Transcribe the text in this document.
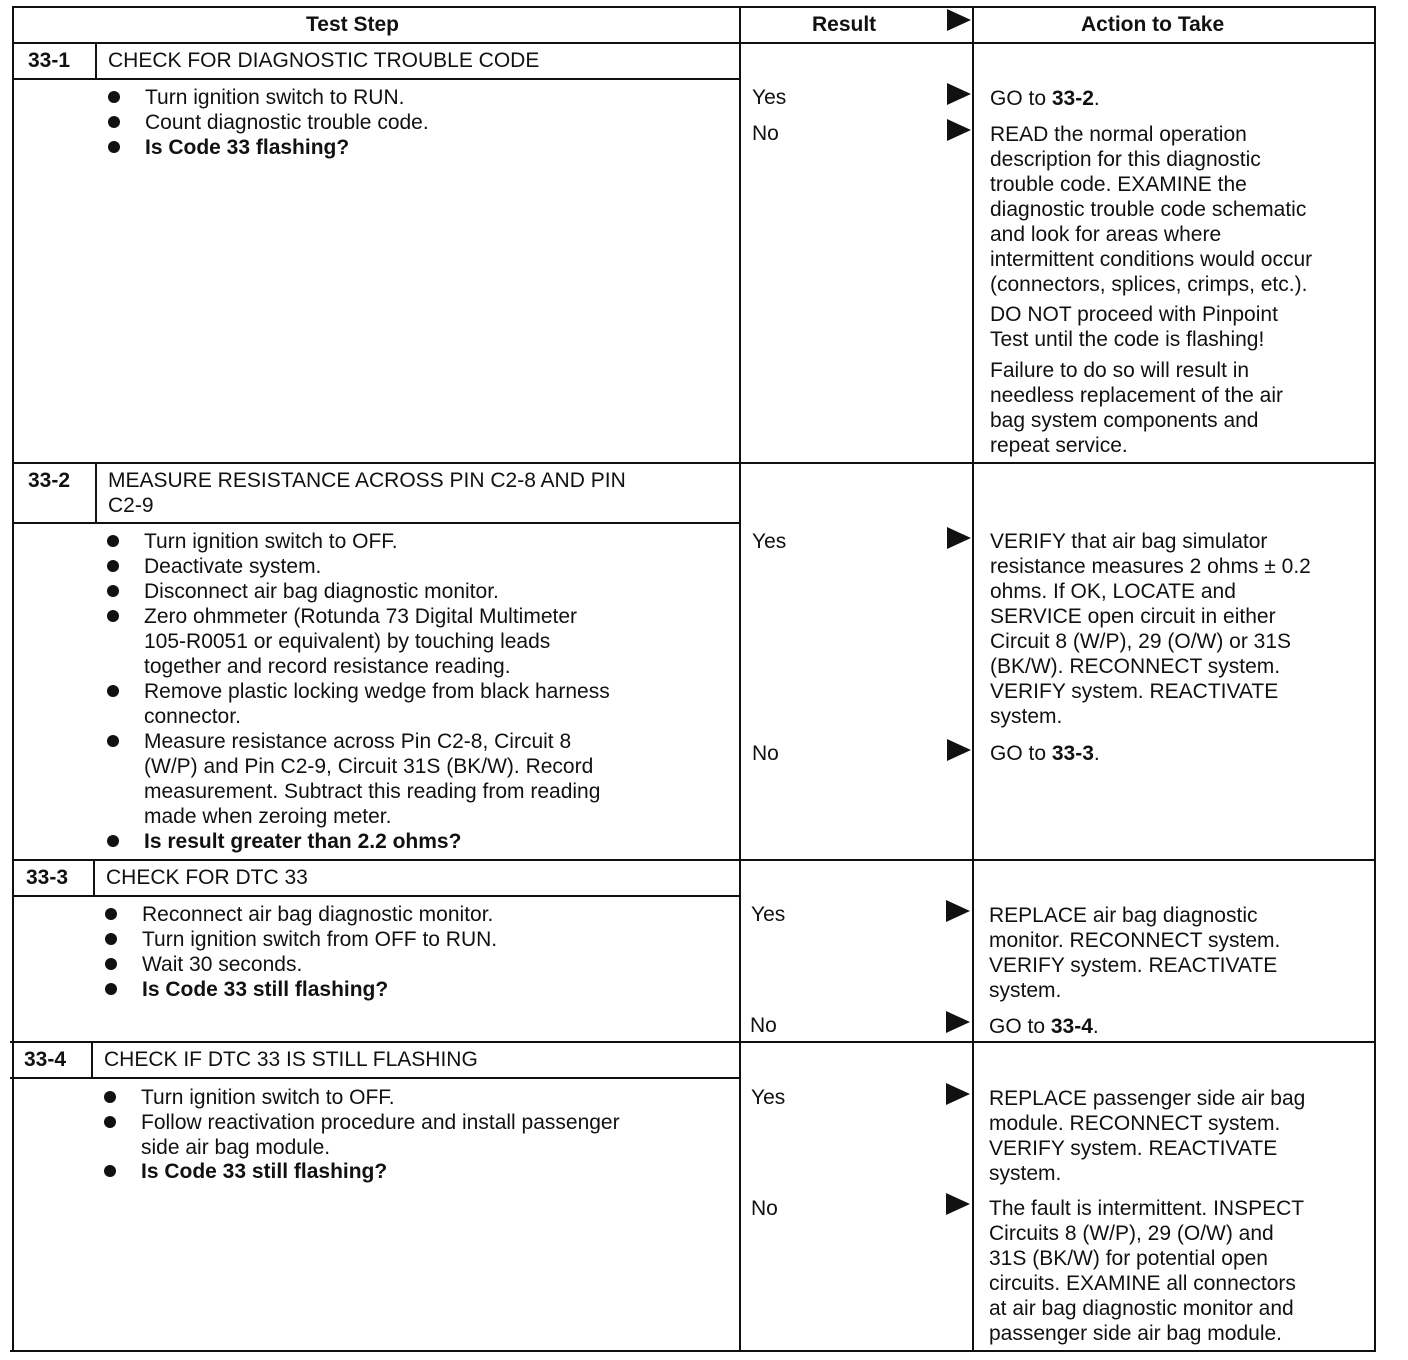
Test Step	Result	Action to Take
33-1 CHECK FOR DIAGNOSTIC TROUBLE CODE
Turn ignition switch to RUN.
Count diagnostic trouble code.
Is Code 33 flashing?
Yes	GO to 33-2.
No	READ the normal operation
description for this diagnostic
trouble code. EXAMINE the
diagnostic trouble code schematic
and look for areas where
intermittent conditions would occur
(connectors, splices, crimps, etc.).
DO NOT proceed with Pinpoint
Test until the code is flashing!
Failure to do so will result in
needless replacement of the air
bag system components and
repeat service.
33-2 MEASURE RESISTANCE ACROSS PIN C2-8 AND PIN
C2-9
Turn ignition switch to OFF.
Deactivate system.
Disconnect air bag diagnostic monitor.
Zero ohmmeter (Rotunda 73 Digital Multimeter
105-R0051 or equivalent) by touching leads
together and record resistance reading.
Remove plastic locking wedge from black harness
connector.
Measure resistance across Pin C2-8, Circuit 8
(W/P) and Pin C2-9, Circuit 31S (BK/W). Record
measurement. Subtract this reading from reading
made when zeroing meter.
Is result greater than 2.2 ohms?
Yes	VERIFY that air bag simulator
resistance measures 2 ohms ± 0.2
ohms. If OK, LOCATE and
SERVICE open circuit in either
Circuit 8 (W/P), 29 (O/W) or 31S
(BK/W). RECONNECT system.
VERIFY system. REACTIVATE
system.
No	GO to 33-3.
33-3 CHECK FOR DTC 33
Reconnect air bag diagnostic monitor.
Turn ignition switch from OFF to RUN.
Wait 30 seconds.
Is Code 33 still flashing?
Yes	REPLACE air bag diagnostic
monitor. RECONNECT system.
VERIFY system. REACTIVATE
system.
No	GO to 33-4.
33-4 CHECK IF DTC 33 IS STILL FLASHING
Turn ignition switch to OFF.
Follow reactivation procedure and install passenger
side air bag module.
Is Code 33 still flashing?
Yes	REPLACE passenger side air bag
module. RECONNECT system.
VERIFY system. REACTIVATE
system.
No	The fault is intermittent. INSPECT
Circuits 8 (W/P), 29 (O/W) and
31S (BK/W) for potential open
circuits. EXAMINE all connectors
at air bag diagnostic monitor and
passenger side air bag module.
